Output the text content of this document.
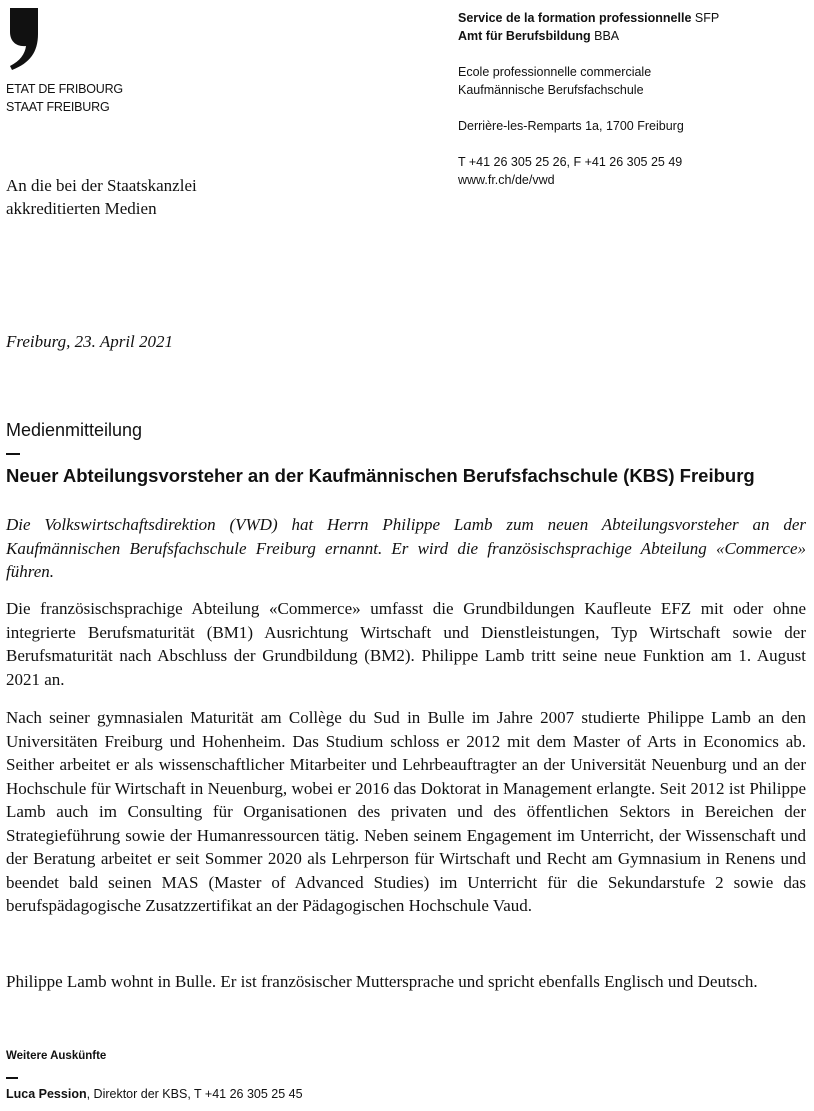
ETAT DE FRIBOURG
STAAT FREIBURG
Service de la formation professionnelle SFP
Amt für Berufsbildung BBA
Ecole professionnelle commerciale
Kaufmännische Berufsfachschule
Derrière-les-Remparts 1a, 1700 Freiburg
T +41 26 305 25 26, F +41 26 305 25 49
www.fr.ch/de/vwd
An die bei der Staatskanzlei
akkreditierten Medien
Freiburg, 23. April 2021
Medienmitteilung
Neuer Abteilungsvorsteher an der Kaufmännischen Berufsfachschule (KBS) Freiburg
Die Volkswirtschaftsdirektion (VWD) hat Herrn Philippe Lamb zum neuen Abteilungsvorsteher an der Kaufmännischen Berufsfachschule Freiburg ernannt. Er wird die französischsprachige Abteilung «Commerce» führen.
Die französischsprachige Abteilung «Commerce» umfasst die Grundbildungen Kaufleute EFZ mit oder ohne integrierte Berufsmaturität (BM1) Ausrichtung Wirtschaft und Dienstleistungen, Typ Wirtschaft sowie der Berufsmaturität nach Abschluss der Grundbildung (BM2). Philippe Lamb tritt seine neue Funktion am 1. August 2021 an.
Nach seiner gymnasialen Maturität am Collège du Sud in Bulle im Jahre 2007 studierte Philippe Lamb an den Universitäten Freiburg und Hohenheim. Das Studium schloss er 2012 mit dem Master of Arts in Economics ab. Seither arbeitet er als wissenschaftlicher Mitarbeiter und Lehrbeauftragter an der Universität Neuenburg und an der Hochschule für Wirtschaft in Neuenburg, wobei er 2016 das Doktorat in Management erlangte. Seit 2012 ist Philippe Lamb auch im Consulting für Organisationen des privaten und des öffentlichen Sektors in Bereichen der Strategieführung sowie der Humanressourcen tätig. Neben seinem Engagement im Unterricht, der Wissenschaft und der Beratung arbeitet er seit Sommer 2020 als Lehrperson für Wirtschaft und Recht am Gymnasium in Renens und beendet bald seinen MAS (Master of Advanced Studies) im Unterricht für die Sekundarstufe 2 sowie das berufspädagogische Zusatzzertifikat an der Pädagogischen Hochschule Vaud.
Philippe Lamb wohnt in Bulle. Er ist französischer Muttersprache und spricht ebenfalls Englisch und Deutsch.
Weitere Auskünfte
Luca Pession, Direktor der KBS, T +41 26 305 25 45
